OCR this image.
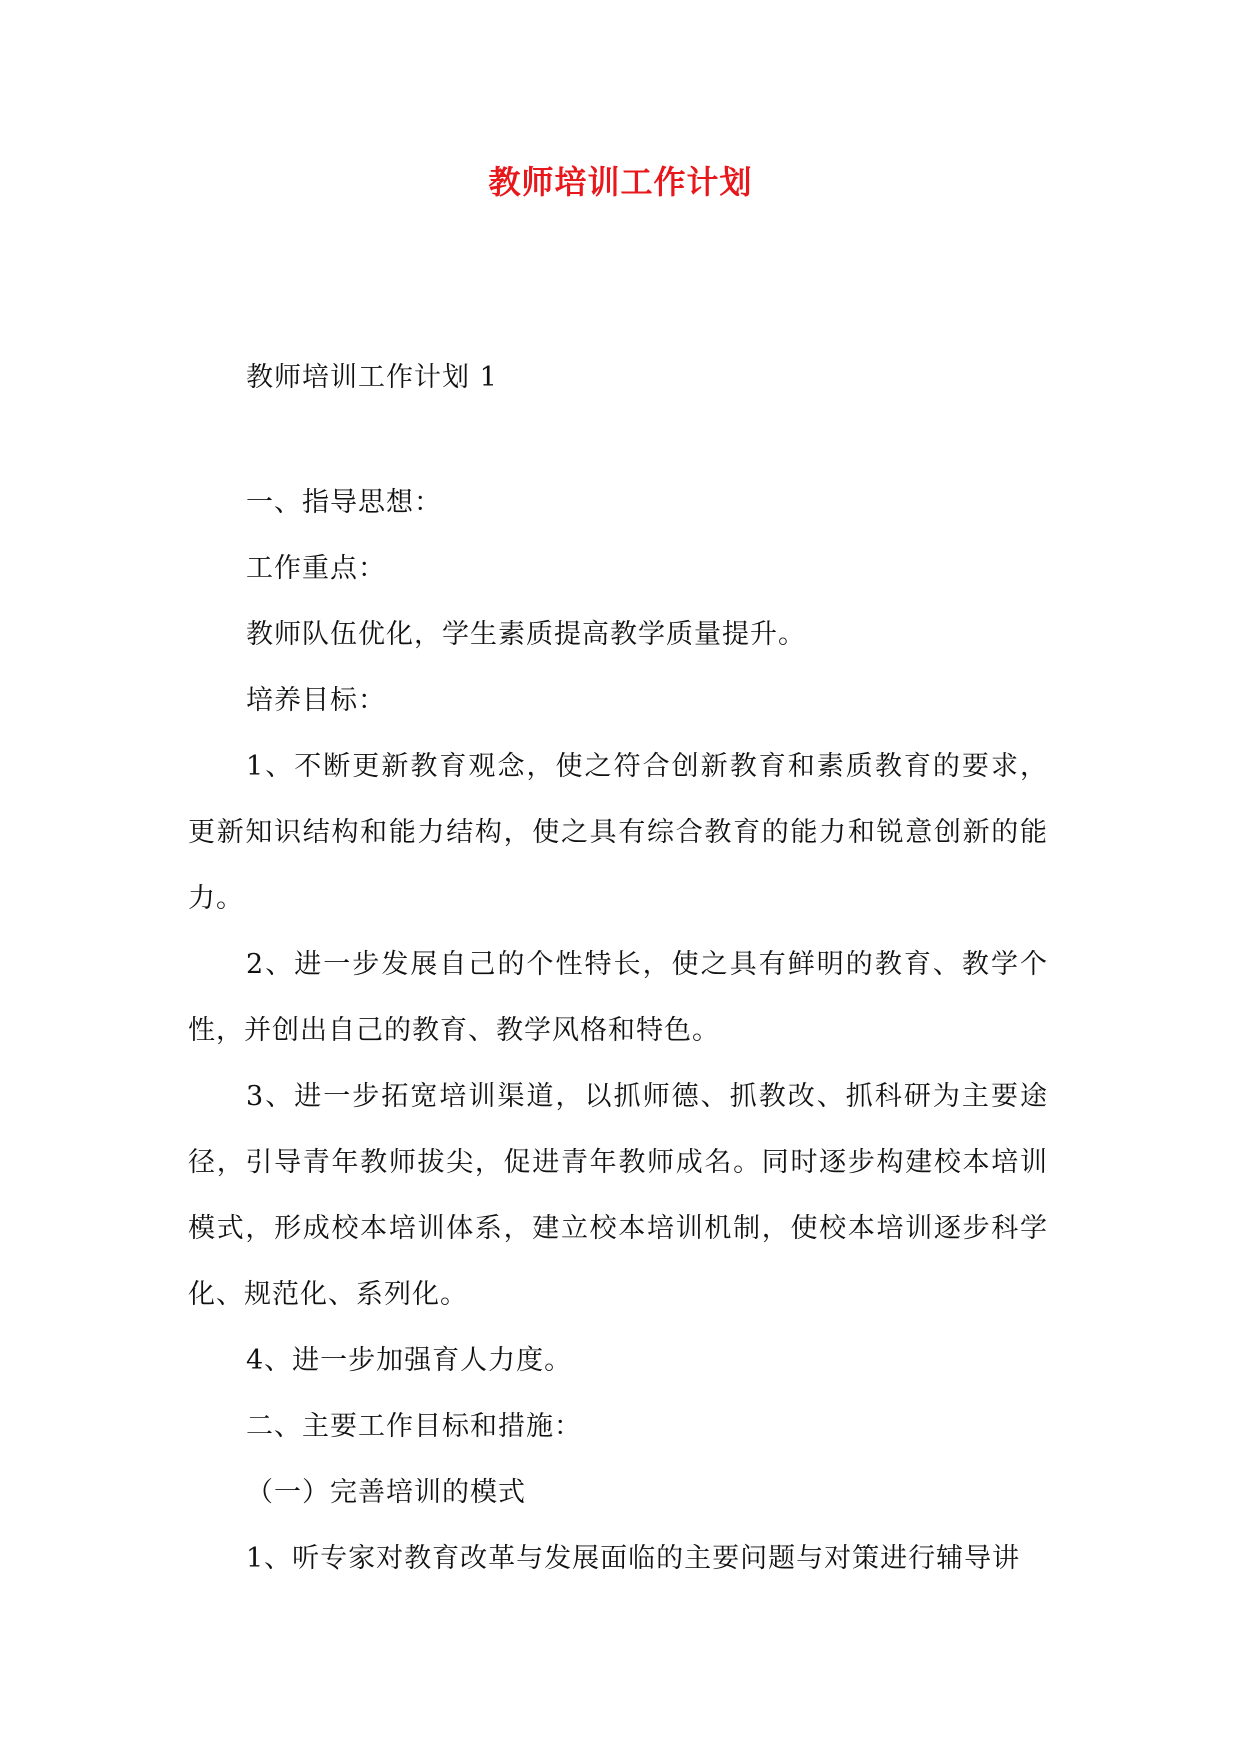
教师培训工作计划
教师培训工作计划 1

一、指导思想：

工作重点：

教师队伍优化，学生素质提高教学质量提升。

培养目标：

1、不断更新教育观念，使之符合创新教育和素质教育的要求，更新知识结构和能力结构，使之具有综合教育的能力和锐意创新的能力。

2、进一步发展自己的个性特长，使之具有鲜明的教育、教学个性，并创出自己的教育、教学风格和特色。

3、进一步拓宽培训渠道，以抓师德、抓教改、抓科研为主要途径，引导青年教师拔尖，促进青年教师成名。同时逐步构建校本培训模式，形成校本培训体系，建立校本培训机制，使校本培训逐步科学化、规范化、系列化。

4、进一步加强育人力度。

二、主要工作目标和措施：

（一）完善培训的模式

1、听专家对教育改革与发展面临的主要问题与对策进行辅导讲
